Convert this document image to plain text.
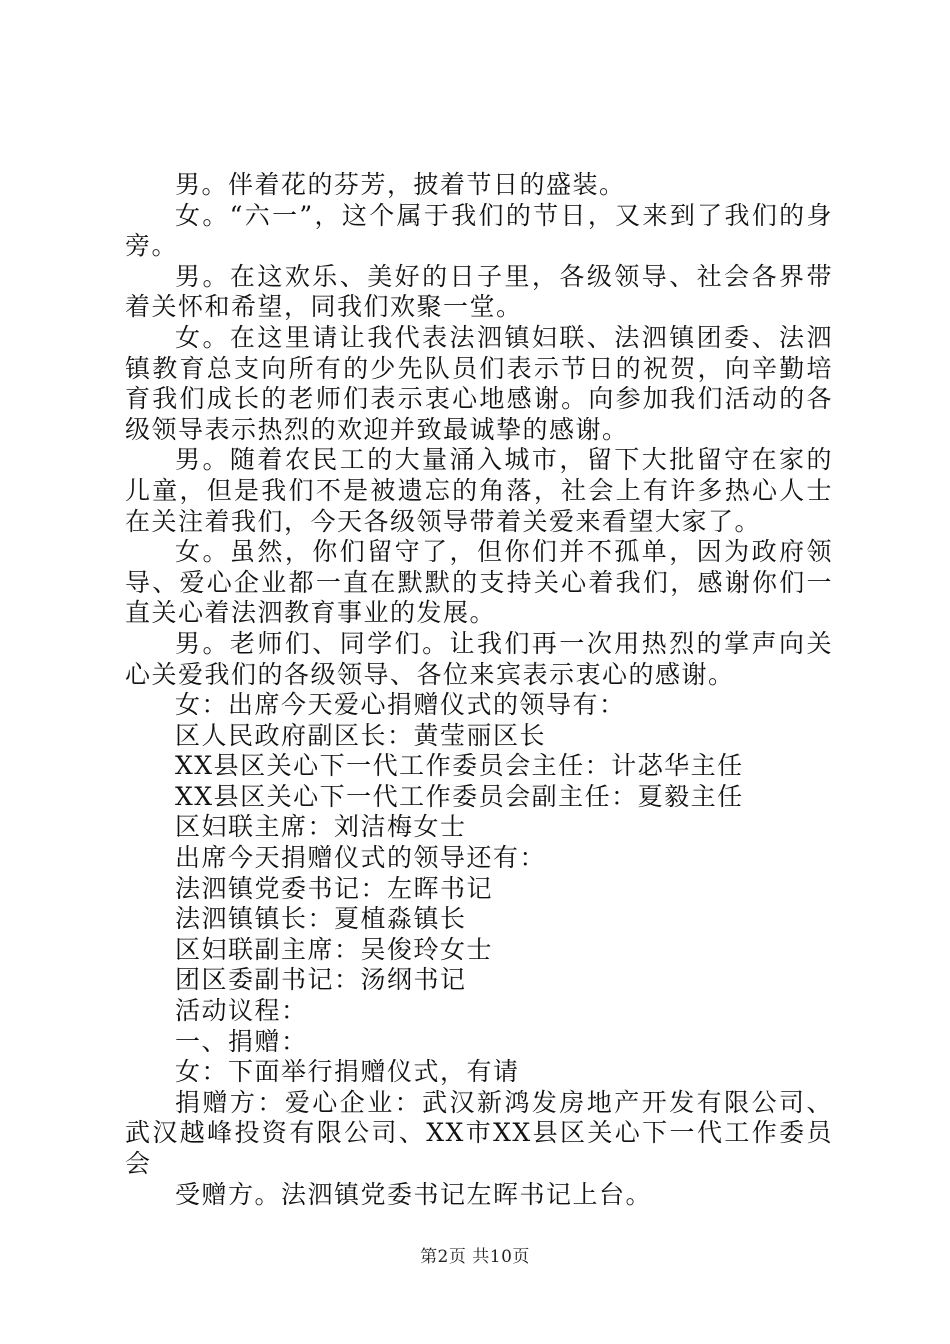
男。伴着花的芬芳，披着节日的盛装。

女。“六一”，这个属于我们的节日，又来到了我们的身旁。

男。在这欢乐、美好的日子里，各级领导、社会各界带着关怀和希望，同我们欢聚一堂。

女。在这里请让我代表法泗镇妇联、法泗镇团委、法泗镇教育总支向所有的少先队员们表示节日的祝贺，向辛勤培育我们成长的老师们表示衷心地感谢。向参加我们活动的各级领导表示热烈的欢迎并致最诚挚的感谢。

男。随着农民工的大量涌入城市，留下大批留守在家的儿童，但是我们不是被遗忘的角落，社会上有许多热心人士在关注着我们，今天各级领导带着关爱来看望大家了。

女。虽然，你们留守了，但你们并不孤单，因为政府领导、爱心企业都一直在默默的支持关心着我们，感谢你们一直关心着法泗教育事业的发展。

男。老师们、同学们。让我们再一次用热烈的掌声向关心关爱我们的各级领导、各位来宾表示衷心的感谢。

女：出席今天爱心捐赠仪式的领导有：

区人民政府副区长：黄莹丽区长

XX县区关心下一代工作委员会主任：计苾华主任

XX县区关心下一代工作委员会副主任：夏毅主任

区妇联主席：刘洁梅女士

出席今天捐赠仪式的领导还有：

法泗镇党委书记：左晖书记

法泗镇镇长：夏植淼镇长

区妇联副主席：吴俊玲女士

团区委副书记：汤纲书记

活动议程：

一、捐赠：

女：下面举行捐赠仪式，有请

捐赠方：爱心企业：武汉新鸿发房地产开发有限公司、武汉越峰投资有限公司、XX市XX县区关心下一代工作委员会

受赠方。法泗镇党委书记左晖书记上台。

第2页 共10页
